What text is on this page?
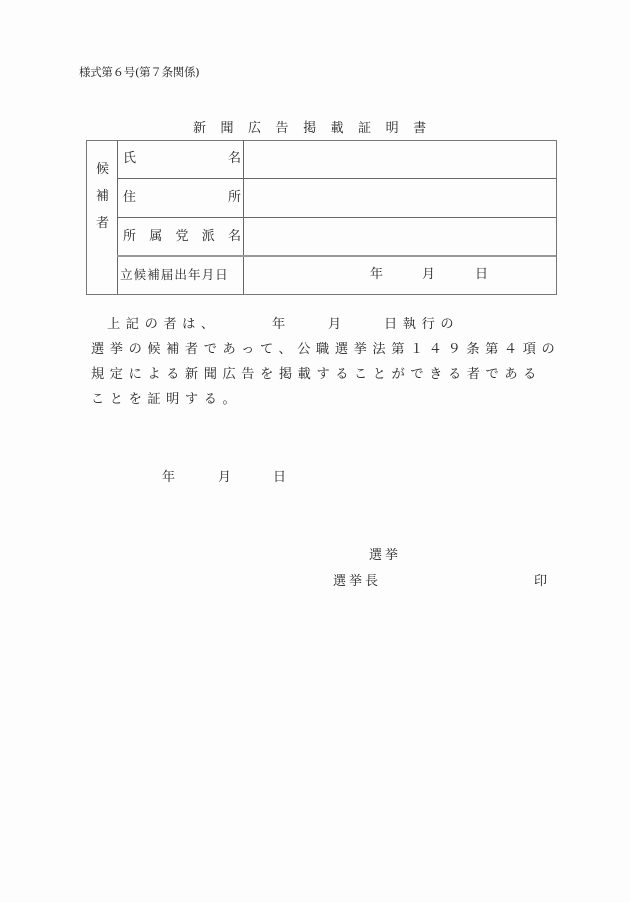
様式第６号(第７条関係)
新 聞 広 告 掲 載 証 明 書
候
補
者
氏	名
住	所
所 属 党 派 名
立候補届出年月日	年	月	日
上記の者は、	年	月	日執行の
選挙の候補者であって、公職選挙法第１４９条第４項の
規定による新聞広告を掲載することができる者である
ことを証明する。
年	月	日
選挙
選挙長	印
